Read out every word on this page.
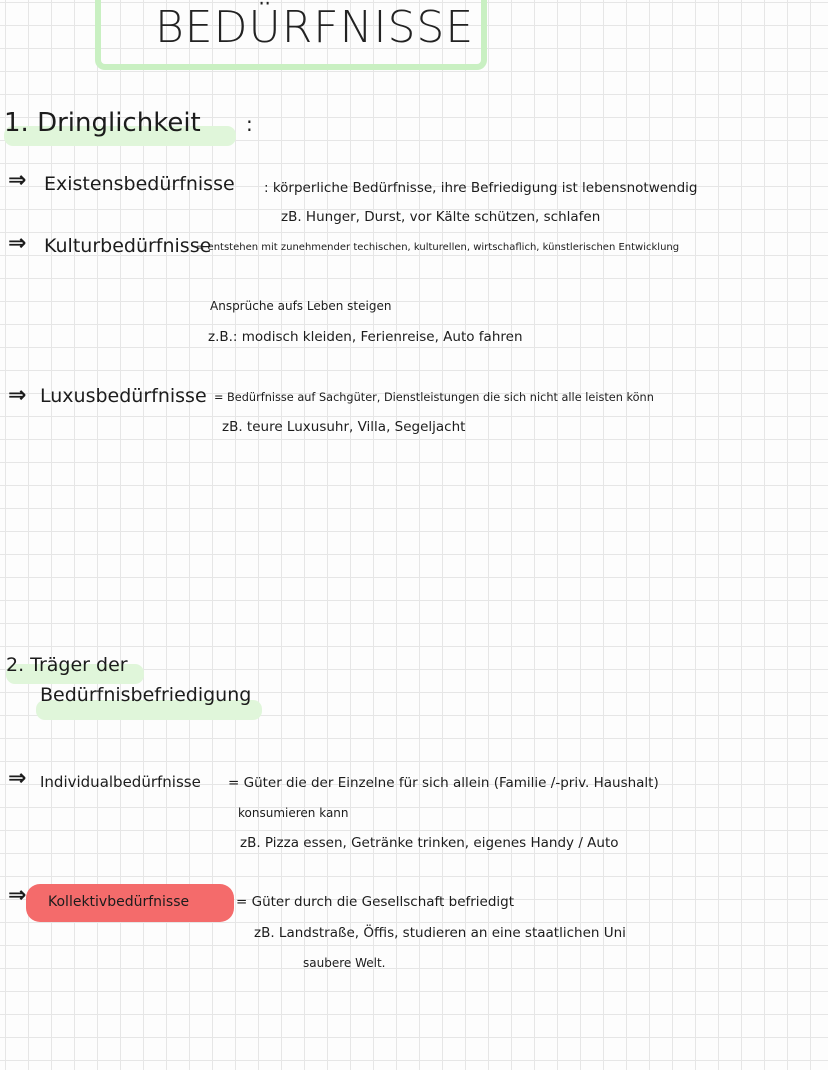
BEDÜRFNISSE
1. Dringlichkeit :
⇒ Existensbedürfnisse : körperliche Bedürfnisse, ihre Befriedigung ist lebensnotwendig
zB. Hunger, Durst, vor Kälte schützen, schlafen
⇒ Kulturbedürfnisse
= entstehen mit zunehmender techischen, kulturellen, wirtschaflich, künstlerischen Entwicklung
Ansprüche aufs Leben steigen
z.B.: modisch kleiden, Ferienreise, Auto fahren
⇒ Luxusbedürfnisse = Bedürfnisse auf Sachgüter, Dienstleistungen die sich nicht alle leisten könn
zB. teure Luxusuhr, Villa, Segeljacht
2. Träger der
Bedürfnisbefriedigung
⇒ Individualbedürfnisse = Güter die der Einzelne für sich allein (Familie /-priv. Haushalt)
konsumieren kann
zB. Pizza essen, Getränke trinken, eigenes Handy / Auto
⇒ Kollektivbedürfnisse	= Güter durch die Gesellschaft befriedigt
zB. Landstraße, Öffis, studieren an eine staatlichen Uni
saubere Welt.
